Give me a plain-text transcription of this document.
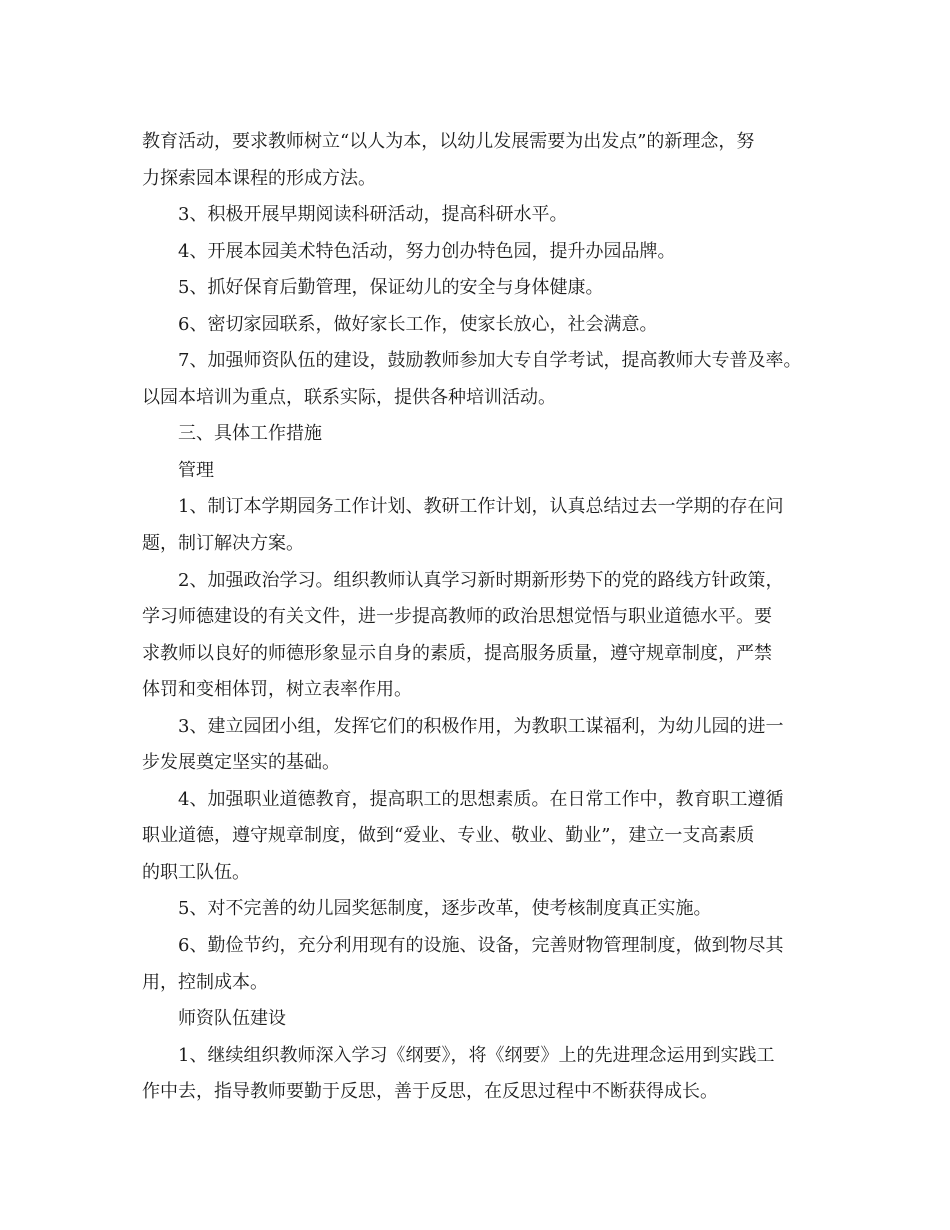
教育活动，要求教师树立“以人为本，以幼儿发展需要为出发点”的新理念，努
力探索园本课程的形成方法。
3、积极开展早期阅读科研活动，提高科研水平。
4、开展本园美术特色活动，努力创办特色园，提升办园品牌。
5、抓好保育后勤管理，保证幼儿的安全与身体健康。
6、密切家园联系，做好家长工作，使家长放心，社会满意。
7、加强师资队伍的建设，鼓励教师参加大专自学考试，提高教师大专普及率。
以园本培训为重点，联系实际，提供各种培训活动。
三、具体工作措施
管理
1、制订本学期园务工作计划、教研工作计划，认真总结过去一学期的存在问
题，制订解决方案。
2、加强政治学习。组织教师认真学习新时期新形势下的党的路线方针政策，
学习师德建设的有关文件，进一步提高教师的政治思想觉悟与职业道德水平。要
求教师以良好的师德形象显示自身的素质，提高服务质量，遵守规章制度，严禁
体罚和变相体罚，树立表率作用。
3、建立园团小组，发挥它们的积极作用，为教职工谋福利，为幼儿园的进一
步发展奠定坚实的基础。
4、加强职业道德教育，提高职工的思想素质。在日常工作中，教育职工遵循
职业道德，遵守规章制度，做到“爱业、专业、敬业、勤业”，建立一支高素质
的职工队伍。
5、对不完善的幼儿园奖惩制度，逐步改革，使考核制度真正实施。
6、勤俭节约，充分利用现有的设施、设备，完善财物管理制度，做到物尽其
用，控制成本。
师资队伍建设
1、继续组织教师深入学习《纲要》，将《纲要》上的先进理念运用到实践工
作中去，指导教师要勤于反思，善于反思，在反思过程中不断获得成长。
